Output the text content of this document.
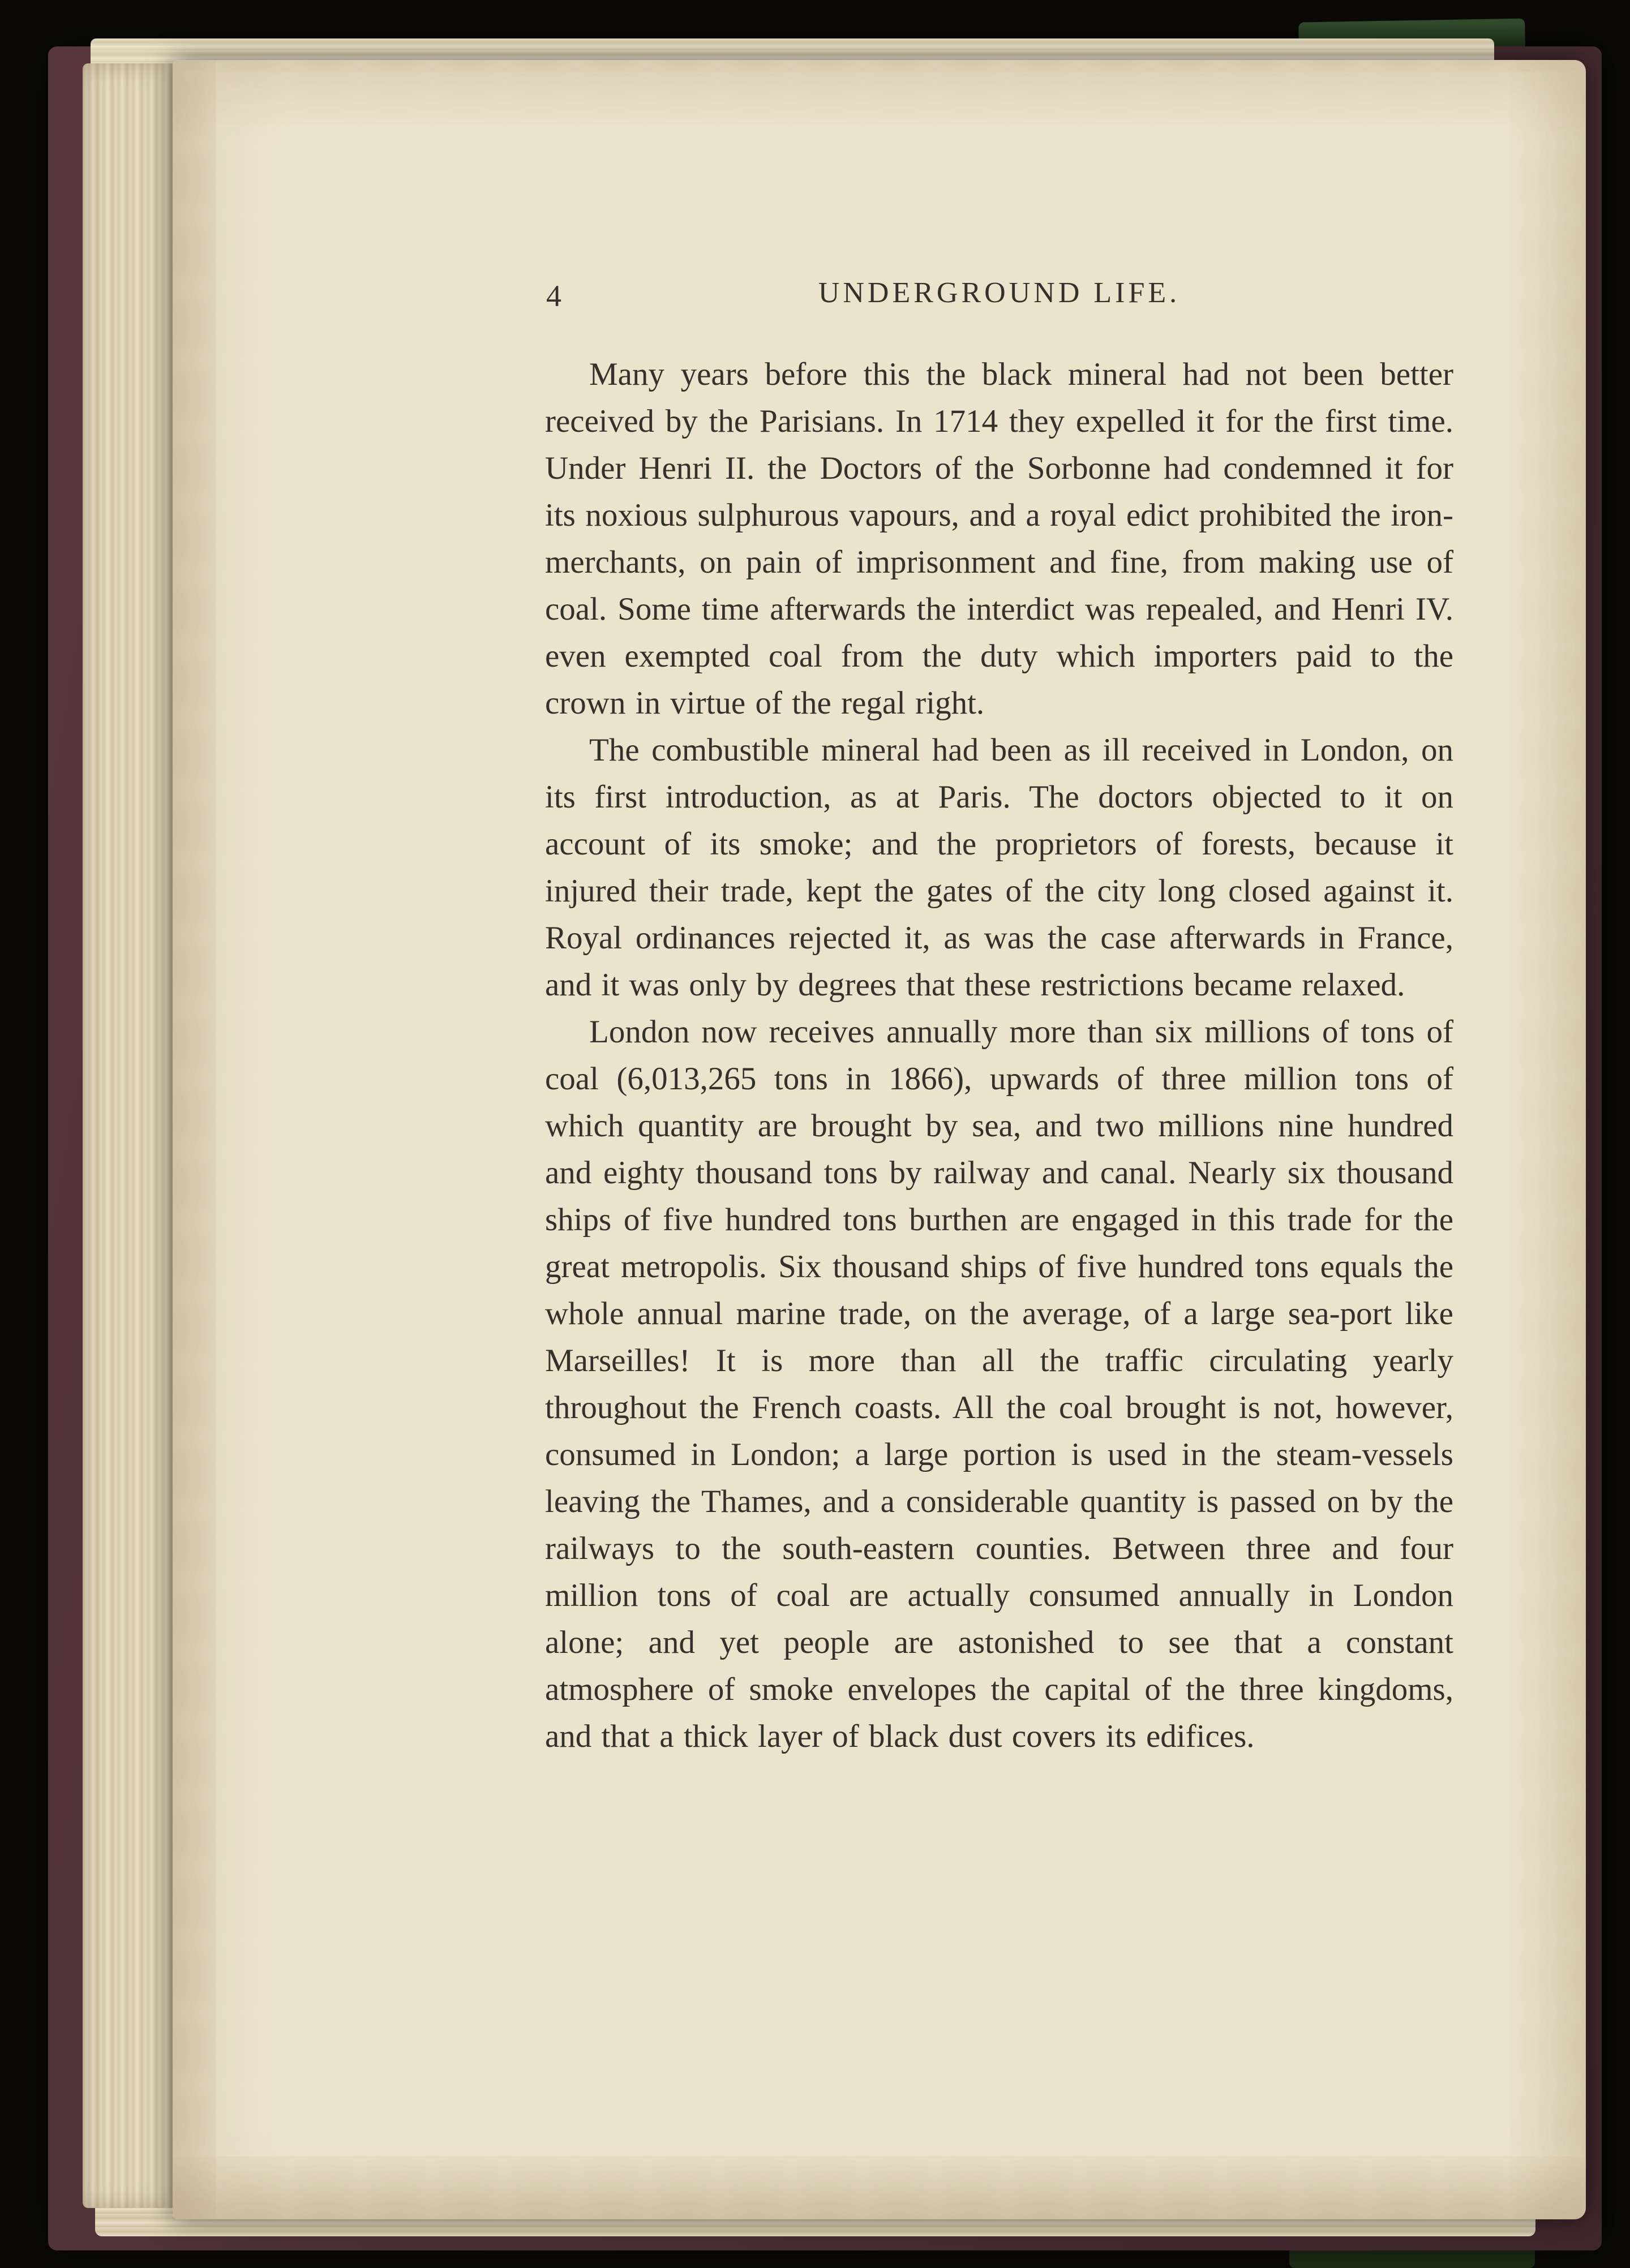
4	UNDERGROUND LIFE.

Many years before this the black mineral had not been better received by the Parisians. In 1714 they expelled it for the first time. Under Henri II. the Doctors of the Sorbonne had condemned it for its noxious sulphurous vapours, and a royal edict prohibited the iron-merchants, on pain of imprisonment and fine, from making use of coal. Some time afterwards the interdict was repealed, and Henri IV. even exempted coal from the duty which importers paid to the crown in virtue of the regal right.

The combustible mineral had been as ill received in London, on its first introduction, as at Paris. The doctors objected to it on account of its smoke; and the proprietors of forests, because it injured their trade, kept the gates of the city long closed against it. Royal ordinances rejected it, as was the case afterwards in France, and it was only by degrees that these restrictions became relaxed.

London now receives annually more than six millions of tons of coal (6,013,265 tons in 1866), upwards of three million tons of which quantity are brought by sea, and two millions nine hundred and eighty thousand tons by railway and canal. Nearly six thousand ships of five hundred tons burthen are engaged in this trade for the great metropolis. Six thousand ships of five hundred tons equals the whole annual marine trade, on the average, of a large sea-port like Marseilles! It is more than all the traffic circulating yearly throughout the French coasts. All the coal brought is not, however, consumed in London; a large portion is used in the steam-vessels leaving the Thames, and a considerable quantity is passed on by the railways to the south-eastern counties. Between three and four million tons of coal are actually consumed annually in London alone; and yet people are astonished to see that a constant atmosphere of smoke envelopes the capital of the three kingdoms, and that a thick layer of black dust covers its edifices.
